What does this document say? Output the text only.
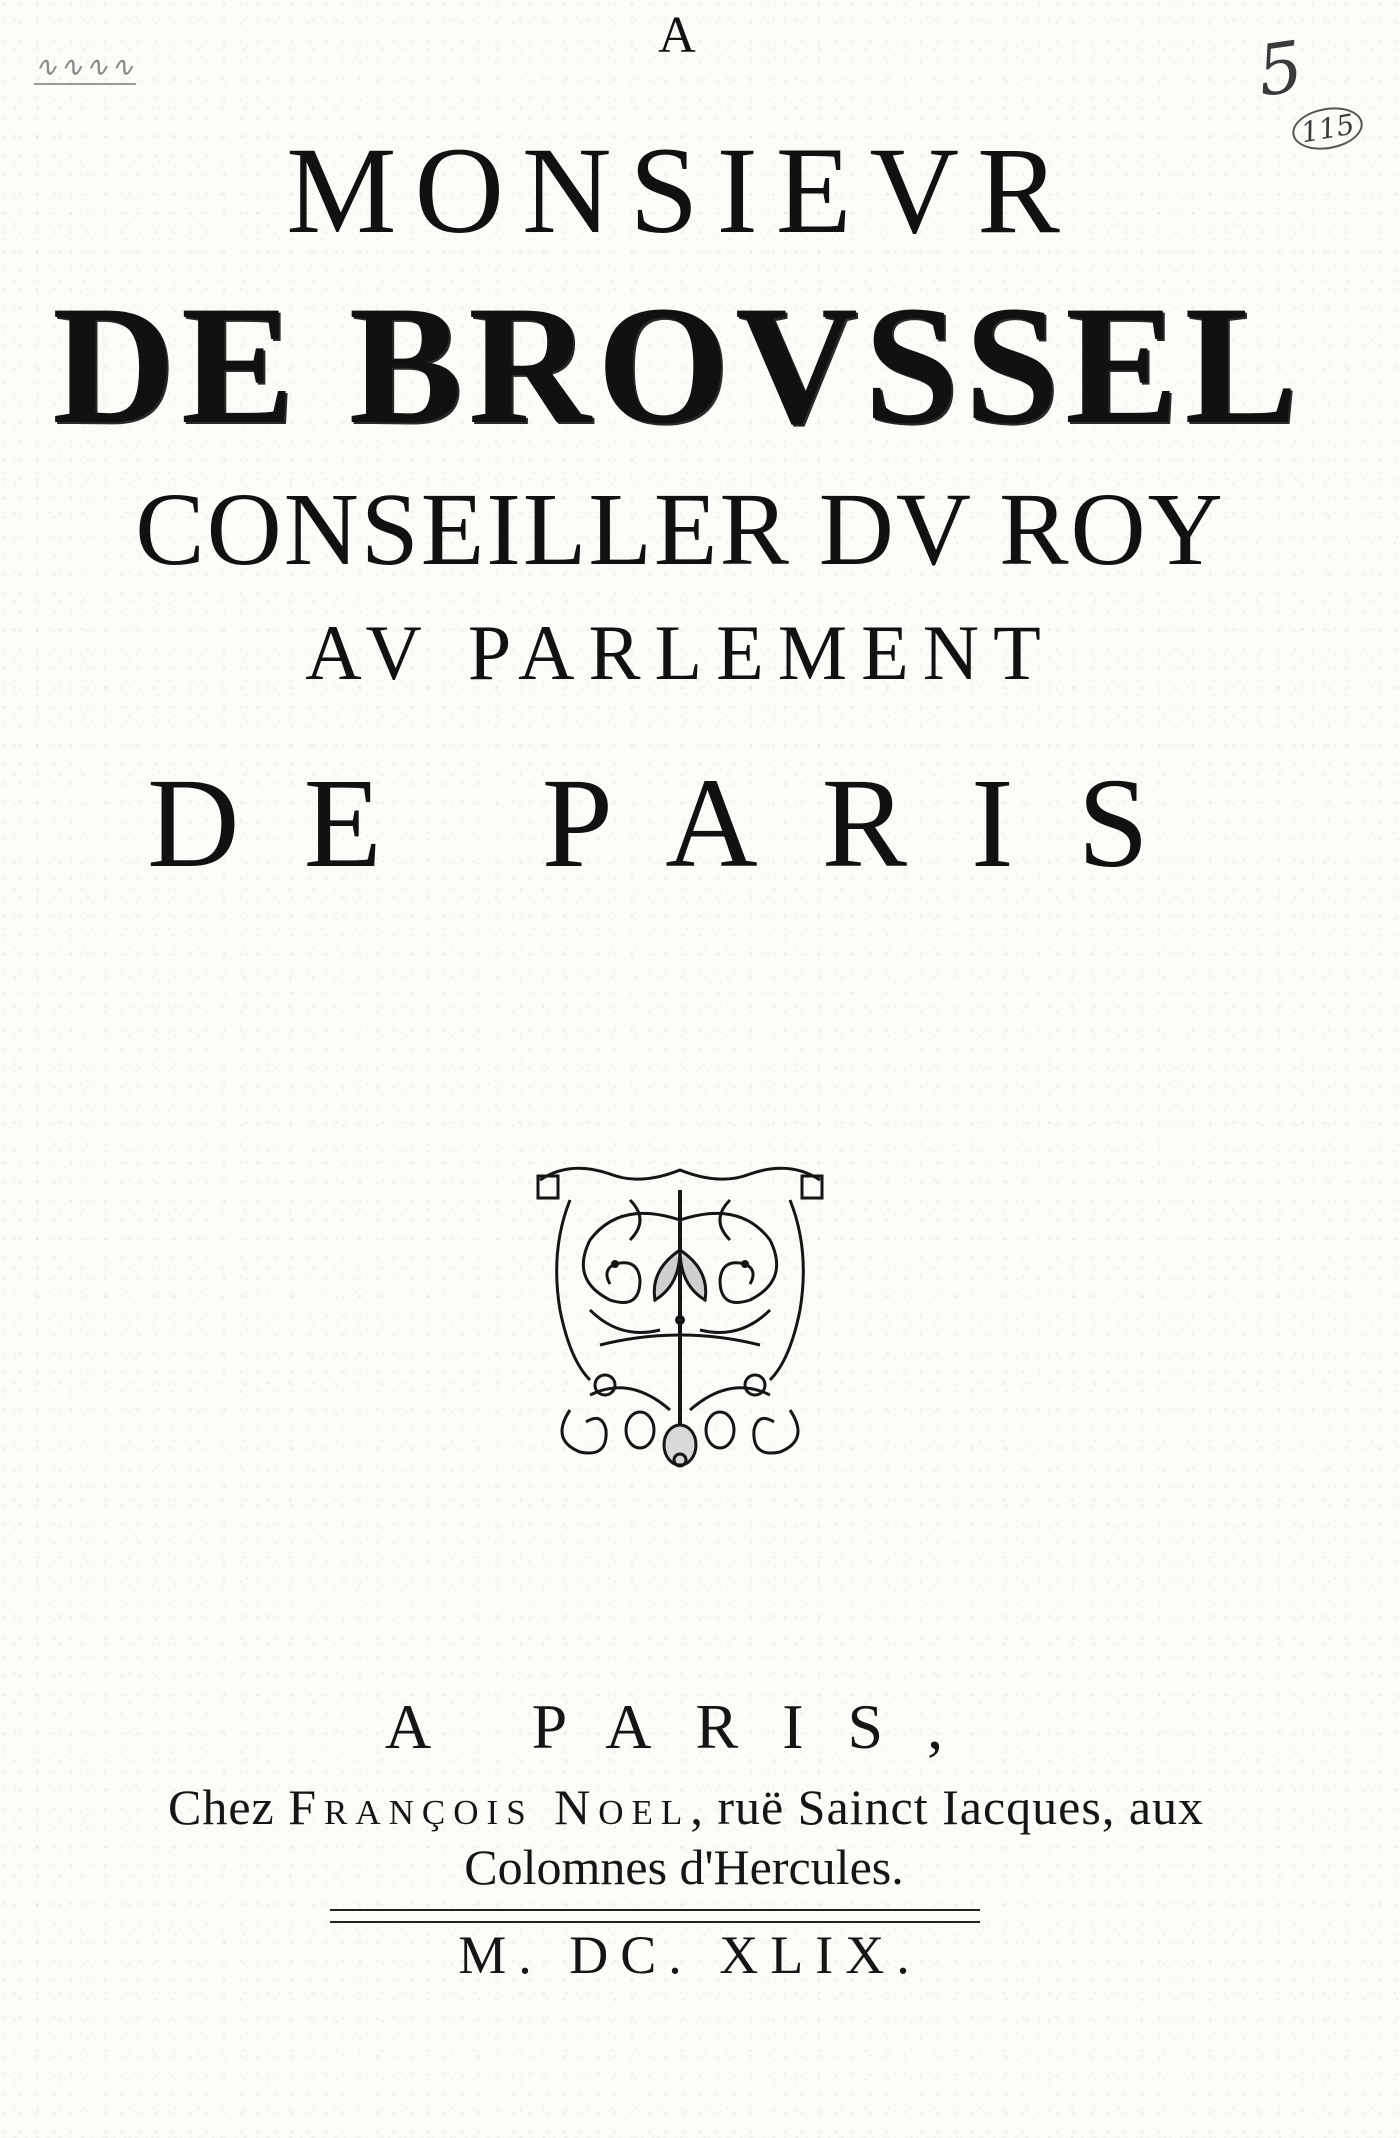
∿∿∿∿	5
115
A
MONSIEVR
DE BROVSSEL
CONSEILLER DV ROY
AV PARLEMENT
DE PARIS
A PARIS,
Chez François Noel, ruë Sainct Iacques, aux
Colomnes d'Hercules.
M. DC. XLIX.
